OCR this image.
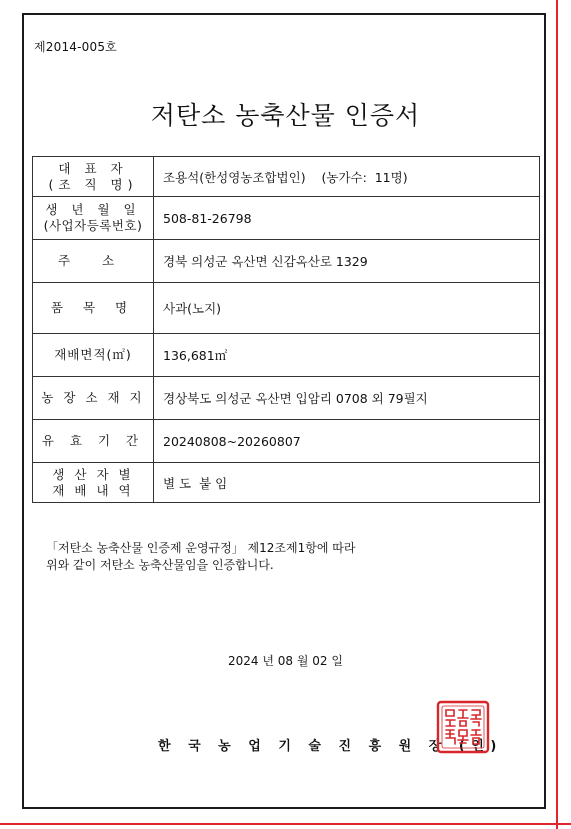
제2014-005호
저탄소 농축산물 인증서
대 표 자
(조 직 명)	조용석(한성영농조합법인)    (농가수:  11명)

생 년 월 일
(사업자등록번호)	508-81-26798
주 소	경북 의성군 옥산면 신감옥산로 1329
품 목 명	사과(노지)
재배면적(㎡)	136,681㎡
농 장 소 재 지	경상북도 의성군 옥산면 입암리 0708 외 79필지
유 효 기 간	20240808~20260807

생 산 자 별
재 배 내 역	별 도  붙 임
「저탄소 농축산물 인증제 운영규정」 제12조제1항에 따라
위와 같이 저탄소 농축산물임을 인증합니다.
2024 년 08 월 02 일
한 국 농 업 기 술 진 흥 원 장 (인)
